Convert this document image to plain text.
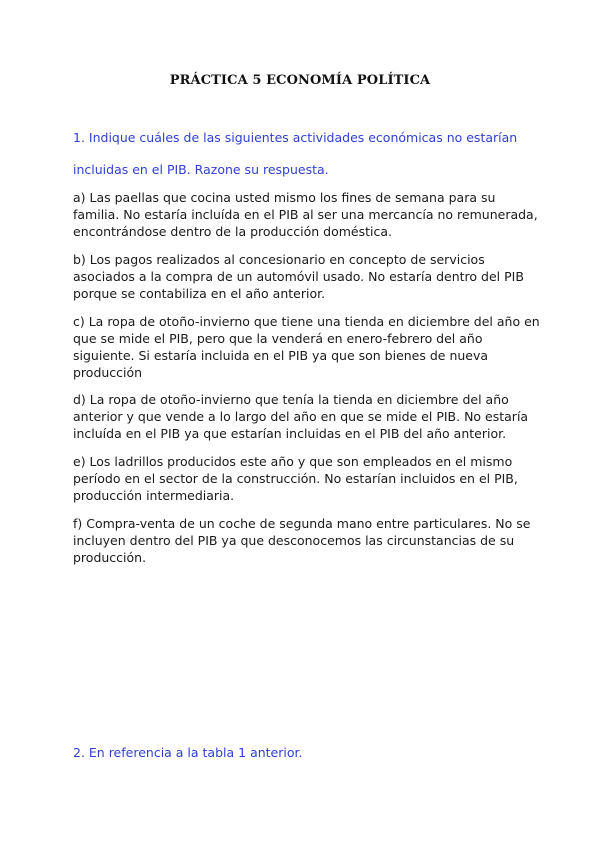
PRÁCTICA 5 ECONOMÍA POLÍTICA
1. Indique cuáles de las siguientes actividades económicas no estarían
incluidas en el PIB. Razone su respuesta.

a) Las paellas que cocina usted mismo los fines de semana para su familia. No estaría incluída en el PIB al ser una mercancía no remunerada, encontrándose dentro de la producción doméstica.

b) Los pagos realizados al concesionario en concepto de servicios asociados a la compra de un automóvil usado. No estaría dentro del PIB porque se contabiliza en el año anterior.

c) La ropa de otoño-invierno que tiene una tienda en diciembre del año en que se mide el PIB, pero que la venderá en enero-febrero del año siguiente. Si estaría incluida en el PIB ya que son bienes de nueva producción

d) La ropa de otoño-invierno que tenía la tienda en diciembre del año anterior y que vende a lo largo del año en que se mide el PIB. No estaría incluída en el PIB ya que estarían incluidas en el PIB del año anterior.

e) Los ladrillos producidos este año y que son empleados en el mismo período en el sector de la construcción. No estarían incluidos en el PIB, producción intermediaria.

f) Compra-venta de un coche de segunda mano entre particulares. No se incluyen dentro del PIB ya que desconocemos las circunstancias de su producción.

2. En referencia a la tabla 1 anterior.
